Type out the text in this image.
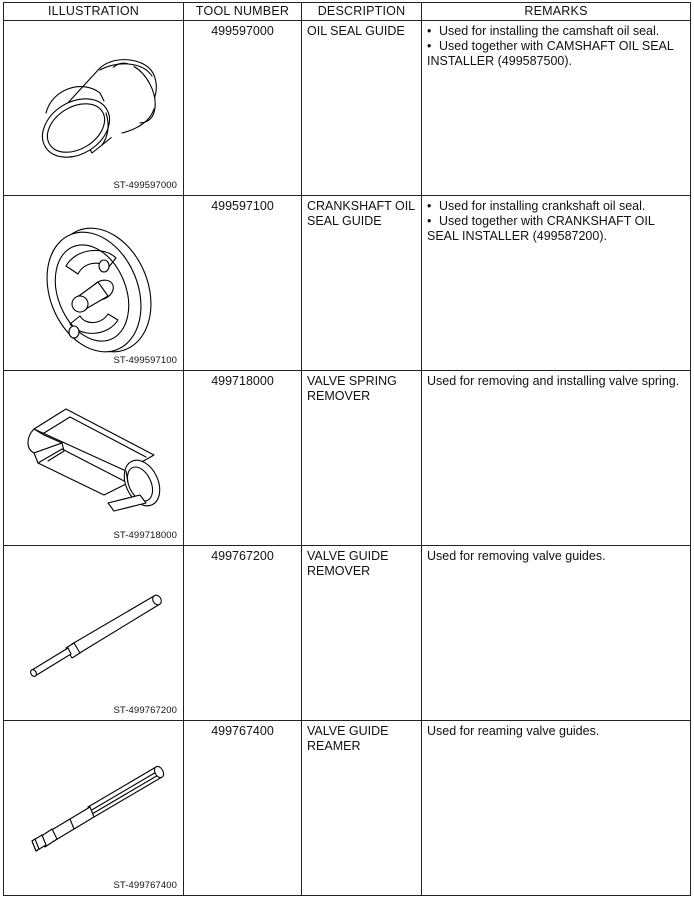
ILLUSTRATION	TOOL NUMBER	DESCRIPTION	REMARKS

ST-499597000	499597000	OIL SEAL GUIDE	• Used for installing the camshaft oil seal.
• Used together with CAMSHAFT OIL SEAL INSTALLER (499587500).

ST-499597100	499597100	CRANKSHAFT OIL SEAL GUIDE	• Used for installing crankshaft oil seal.
• Used together with CRANKSHAFT OIL SEAL INSTALLER (499587200).

ST-499718000	499718000	VALVE SPRING REMOVER	Used for removing and installing valve spring.

ST-499767200	499767200	VALVE GUIDE REMOVER	Used for removing valve guides.

ST-499767400	499767400	VALVE GUIDE REAMER	Used for reaming valve guides.
